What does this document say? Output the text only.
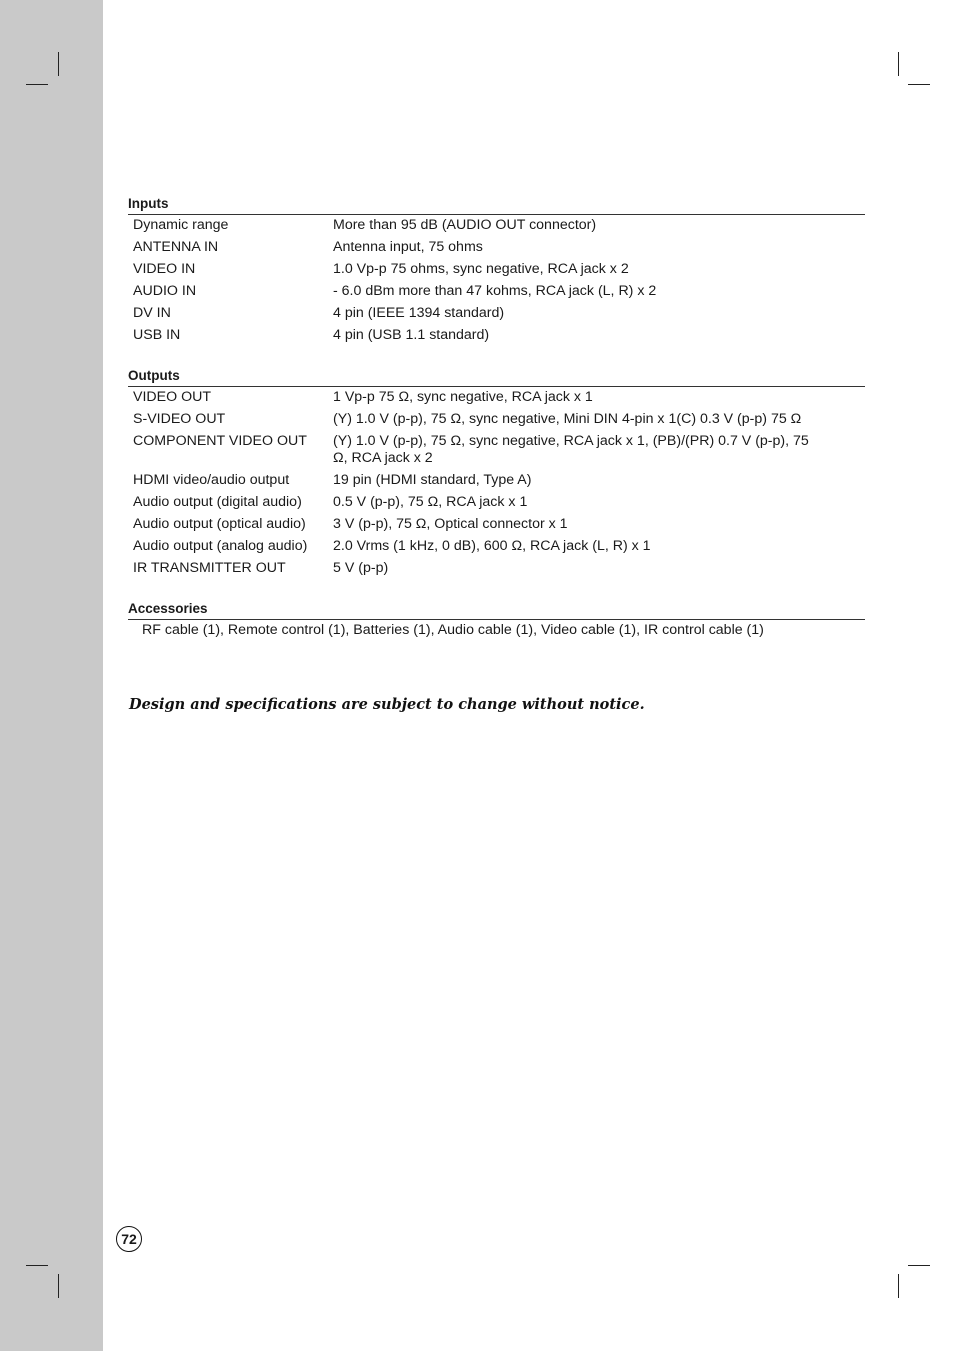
Inputs
Dynamic range	More than 95 dB (AUDIO OUT connector)
ANTENNA IN	Antenna input, 75 ohms
VIDEO IN	1.0 Vp-p 75 ohms, sync negative, RCA jack x 2
AUDIO IN	- 6.0 dBm more than 47 kohms, RCA jack (L, R) x 2
DV IN	4 pin (IEEE 1394 standard)
USB IN	4 pin (USB 1.1 standard)
Outputs
VIDEO OUT	1 Vp-p 75 Ω, sync negative, RCA jack x 1
S-VIDEO OUT	(Y) 1.0 V (p-p), 75 Ω, sync negative, Mini DIN 4-pin x 1(C) 0.3 V (p-p) 75 Ω
COMPONENT VIDEO OUT	(Y) 1.0 V (p-p), 75 Ω, sync negative, RCA jack x 1, (PB)/(PR) 0.7 V (p-p), 75 Ω, RCA jack x 2
HDMI video/audio output	19 pin (HDMI standard, Type A)
Audio output (digital audio)	0.5 V (p-p), 75 Ω, RCA jack x 1
Audio output (optical audio)	3 V (p-p), 75 Ω, Optical connector x 1
Audio output (analog audio)	2.0 Vrms (1 kHz, 0 dB), 600 Ω, RCA jack (L, R) x 1
IR TRANSMITTER OUT	5 V (p-p)
Accessories
RF cable (1), Remote control (1), Batteries (1), Audio cable (1), Video cable (1), IR control cable (1)
Design and specifications are subject to change without notice.
72
